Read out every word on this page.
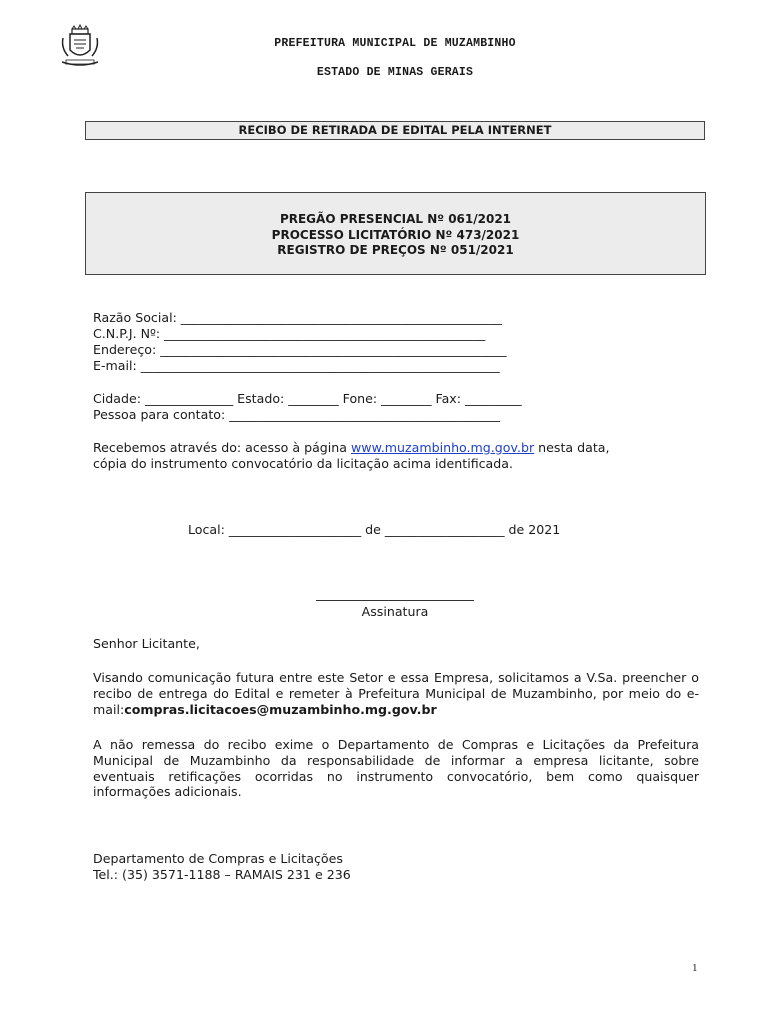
PREFEITURA MUNICIPAL DE MUZAMBINHO
ESTADO DE MINAS GERAIS
RECIBO DE RETIRADA DE EDITAL PELA INTERNET
PREGÃO PRESENCIAL Nº 061/2021
PROCESSO LICITATÓRIO Nº 473/2021
REGISTRO DE PREÇOS Nº 051/2021
Razão Social: ___________________________________________________
C.N.P.J. Nº: ___________________________________________________
Endereço: _______________________________________________________
E-mail: _________________________________________________________
Cidade: ______________ Estado: ________ Fone: ________ Fax: _________
Pessoa para contato: ___________________________________________
Recebemos através do: acesso à página www.muzambinho.mg.gov.br nesta data,
cópia do instrumento convocatório da licitação acima identificada.
Local: _____________________ de ___________________ de 2021
Assinatura
Senhor Licitante,
Visando comunicação futura entre este Setor e essa Empresa, solicitamos a V.Sa. preencher o recibo de entrega do Edital e remeter à Prefeitura Municipal de Muzambinho, por meio do e-mail:compras.licitacoes@muzambinho.mg.gov.br
A não remessa do recibo exime o Departamento de Compras e Licitações da Prefeitura Municipal de Muzambinho da responsabilidade de informar a empresa licitante, sobre eventuais retificações ocorridas no instrumento convocatório, bem como quaisquer informações adicionais.
Departamento de Compras e Licitações
Tel.: (35) 3571-1188 – RAMAIS 231 e 236
1
